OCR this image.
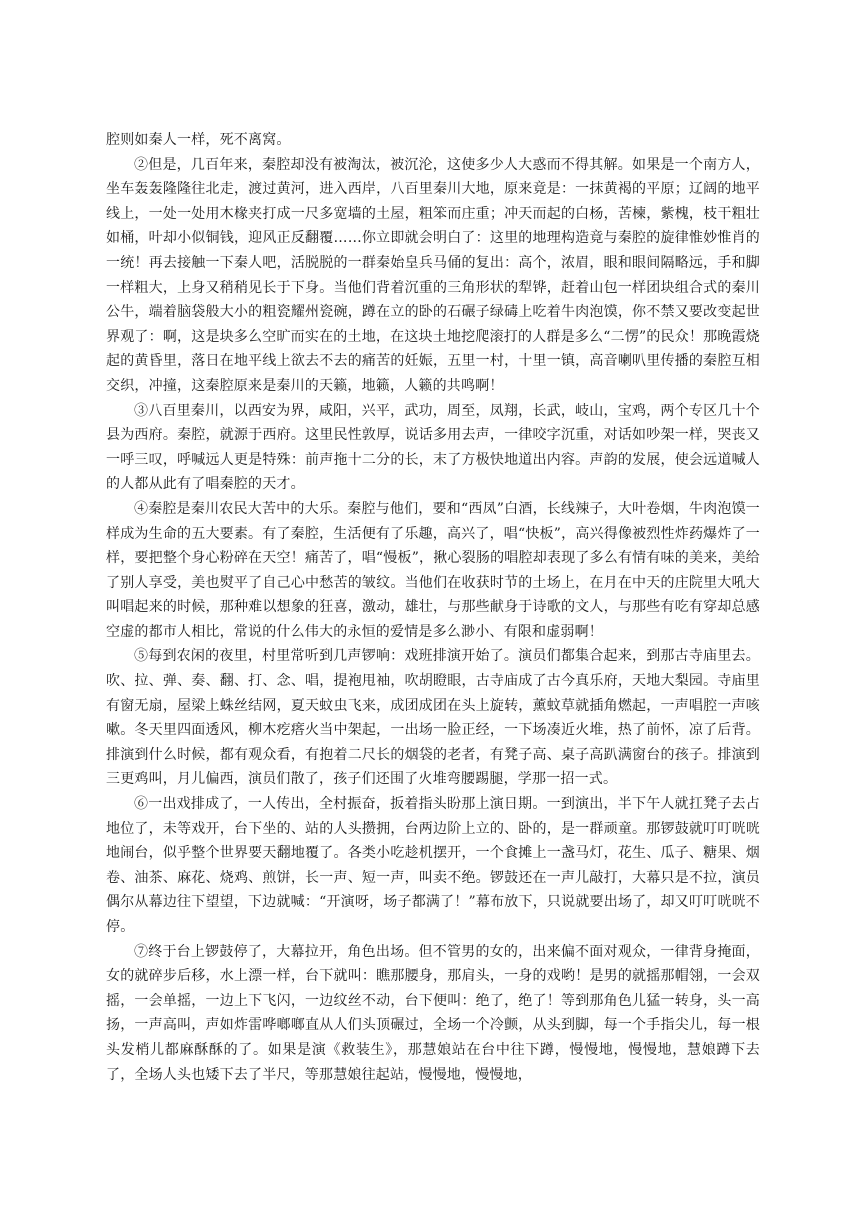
腔则如秦人一样，死不离窝。

②但是，几百年来，秦腔却没有被淘汰，被沉沦，这使多少人大惑而不得其解。如果是一个南方人，坐车轰轰隆隆往北走，渡过黄河，进入西岸，八百里秦川大地，原来竟是：一抹黄褐的平原；辽阔的地平线上，一处一处用木椽夹打成一尺多宽墙的土屋，粗笨而庄重；冲天而起的白杨，苦楝，紫槐，枝干粗壮如桶，叶却小似铜钱，迎风正反翻覆……你立即就会明白了：这里的地理构造竟与秦腔的旋律惟妙惟肖的一统！再去接触一下秦人吧，活脱脱的一群秦始皇兵马俑的复出：高个，浓眉，眼和眼间隔略远，手和脚一样粗大，上身又稍稍见长于下身。当他们背着沉重的三角形状的犁铧，赶着山包一样团块组合式的秦川公牛，端着脑袋般大小的粗瓷耀州瓷碗，蹲在立的卧的石碾子绿碡上吃着牛肉泡馍，你不禁又要改变起世界观了：啊，这是块多么空旷而实在的土地，在这块土地挖爬滚打的人群是多么“二愣”的民众！那晚霞烧起的黄昏里，落日在地平线上欲去不去的痛苦的妊娠，五里一村，十里一镇，高音喇叭里传播的秦腔互相交织，冲撞，这秦腔原来是秦川的天籁，地籁，人籁的共鸣啊！

③八百里秦川，以西安为界，咸阳，兴平，武功，周至，凤翔，长武，岐山，宝鸡，两个专区几十个县为西府。秦腔，就源于西府。这里民性敦厚，说话多用去声，一律咬字沉重，对话如吵架一样，哭丧又一呼三叹，呼喊远人更是特殊：前声拖十二分的长，末了方极快地道出内容。声韵的发展，使会远道喊人的人都从此有了唱秦腔的天才。

④秦腔是秦川农民大苦中的大乐。秦腔与他们，要和“西凤”白酒，长线辣子，大叶卷烟，牛肉泡馍一样成为生命的五大要素。有了秦腔，生活便有了乐趣，高兴了，唱“快板”，高兴得像被烈性炸药爆炸了一样，要把整个身心粉碎在天空！痛苦了，唱“慢板”，揪心裂肠的唱腔却表现了多么有情有味的美来，美给了别人享受，美也熨平了自己心中愁苦的皱纹。当他们在收获时节的土场上，在月在中天的庄院里大吼大叫唱起来的时候，那种难以想象的狂喜，激动，雄壮，与那些献身于诗歌的文人，与那些有吃有穿却总感空虚的都市人相比，常说的什么伟大的永恒的爱情是多么渺小、有限和虚弱啊！

⑤每到农闲的夜里，村里常听到几声锣响：戏班排演开始了。演员们都集合起来，到那古寺庙里去。吹、拉、弹、奏、翻、打、念、唱，提袍甩袖，吹胡瞪眼，古寺庙成了古今真乐府，天地大梨园。寺庙里有窗无扇，屋梁上蛛丝结网，夏天蚊虫飞来，成团成团在头上旋转，薰蚊草就插角燃起，一声唱腔一声咳嗽。冬天里四面透风，柳木疙瘩火当中架起，一出场一脸正经，一下场凑近火堆，热了前怀，凉了后背。排演到什么时候，都有观众看，有抱着二尺长的烟袋的老者，有凳子高、桌子高趴满窗台的孩子。排演到三更鸡叫，月儿偏西，演员们散了，孩子们还围了火堆弯腰踢腿，学那一招一式。

⑥一出戏排成了，一人传出，全村振奋，扳着指头盼那上演日期。一到演出，半下午人就扛凳子去占地位了，未等戏开，台下坐的、站的人头攒拥，台两边阶上立的、卧的，是一群顽童。那锣鼓就叮叮咣咣地闹台，似乎整个世界要天翻地覆了。各类小吃趁机摆开，一个食摊上一盏马灯，花生、瓜子、糖果、烟卷、油茶、麻花、烧鸡、煎饼，长一声、短一声，叫卖不绝。锣鼓还在一声儿敲打，大幕只是不拉，演员偶尔从幕边往下望望，下边就喊：“开演呀，场子都满了！”幕布放下，只说就要出场了，却又叮叮咣咣不停。

⑦终于台上锣鼓停了，大幕拉开，角色出场。但不管男的女的，出来偏不面对观众，一律背身掩面，女的就碎步后移，水上漂一样，台下就叫：瞧那腰身，那肩头，一身的戏哟！是男的就摇那帽翎，一会双摇，一会单摇，一边上下飞闪，一边纹丝不动，台下便叫：绝了，绝了！等到那角色儿猛一转身，头一高扬，一声高叫，声如炸雷哗啷啷直从人们头顶碾过，全场一个冷颤，从头到脚，每一个手指尖儿，每一根头发梢儿都麻酥酥的了。如果是演《救装生》，那慧娘站在台中往下蹲，慢慢地，慢慢地，慧娘蹲下去了，全场人头也矮下去了半尺，等那慧娘往起站，慢慢地，慢慢地，
